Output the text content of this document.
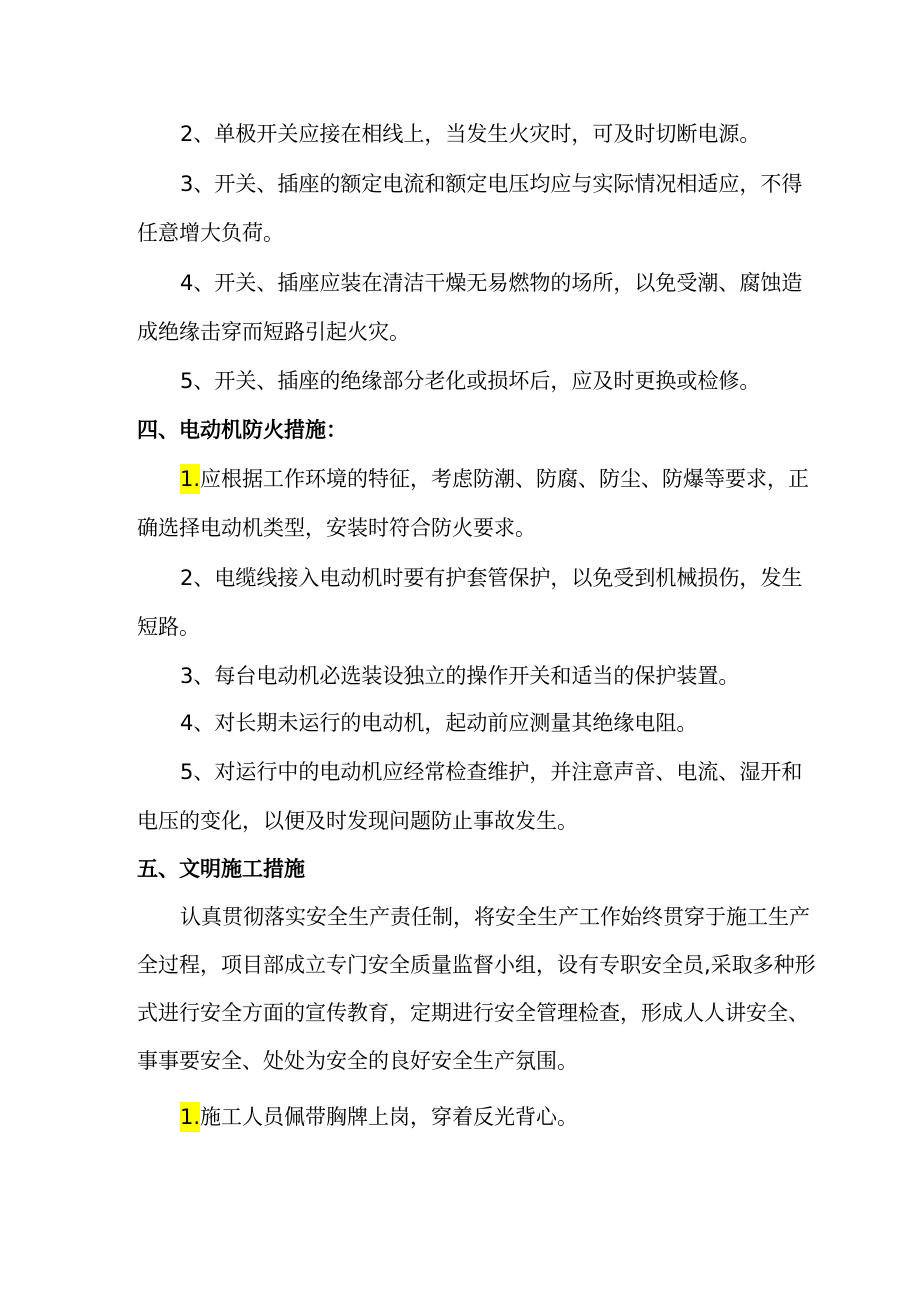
2、单极开关应接在相线上，当发生火灾时，可及时切断电源。
3、开关、插座的额定电流和额定电压均应与实际情况相适应，不得
任意增大负荷。
4、开关、插座应装在清洁干燥无易燃物的场所，以免受潮、腐蚀造
成绝缘击穿而短路引起火灾。
5、开关、插座的绝缘部分老化或损坏后，应及时更换或检修。
四、电动机防火措施：
1.应根据工作环境的特征，考虑防潮、防腐、防尘、防爆等要求，正
确选择电动机类型，安装时符合防火要求。
2、电缆线接入电动机时要有护套管保护，以免受到机械损伤，发生
短路。
3、每台电动机必选装设独立的操作开关和适当的保护装置。
4、对长期未运行的电动机，起动前应测量其绝缘电阻。
5、对运行中的电动机应经常检查维护，并注意声音、电流、湿开和
电压的变化，以便及时发现问题防止事故发生。
五、文明施工措施
认真贯彻落实安全生产责任制，将安全生产工作始终贯穿于施工生产
全过程，项目部成立专门安全质量监督小组，设有专职安全员,采取多种形
式进行安全方面的宣传教育，定期进行安全管理检查，形成人人讲安全、
事事要安全、处处为安全的良好安全生产氛围。
1.施工人员佩带胸牌上岗，穿着反光背心。
